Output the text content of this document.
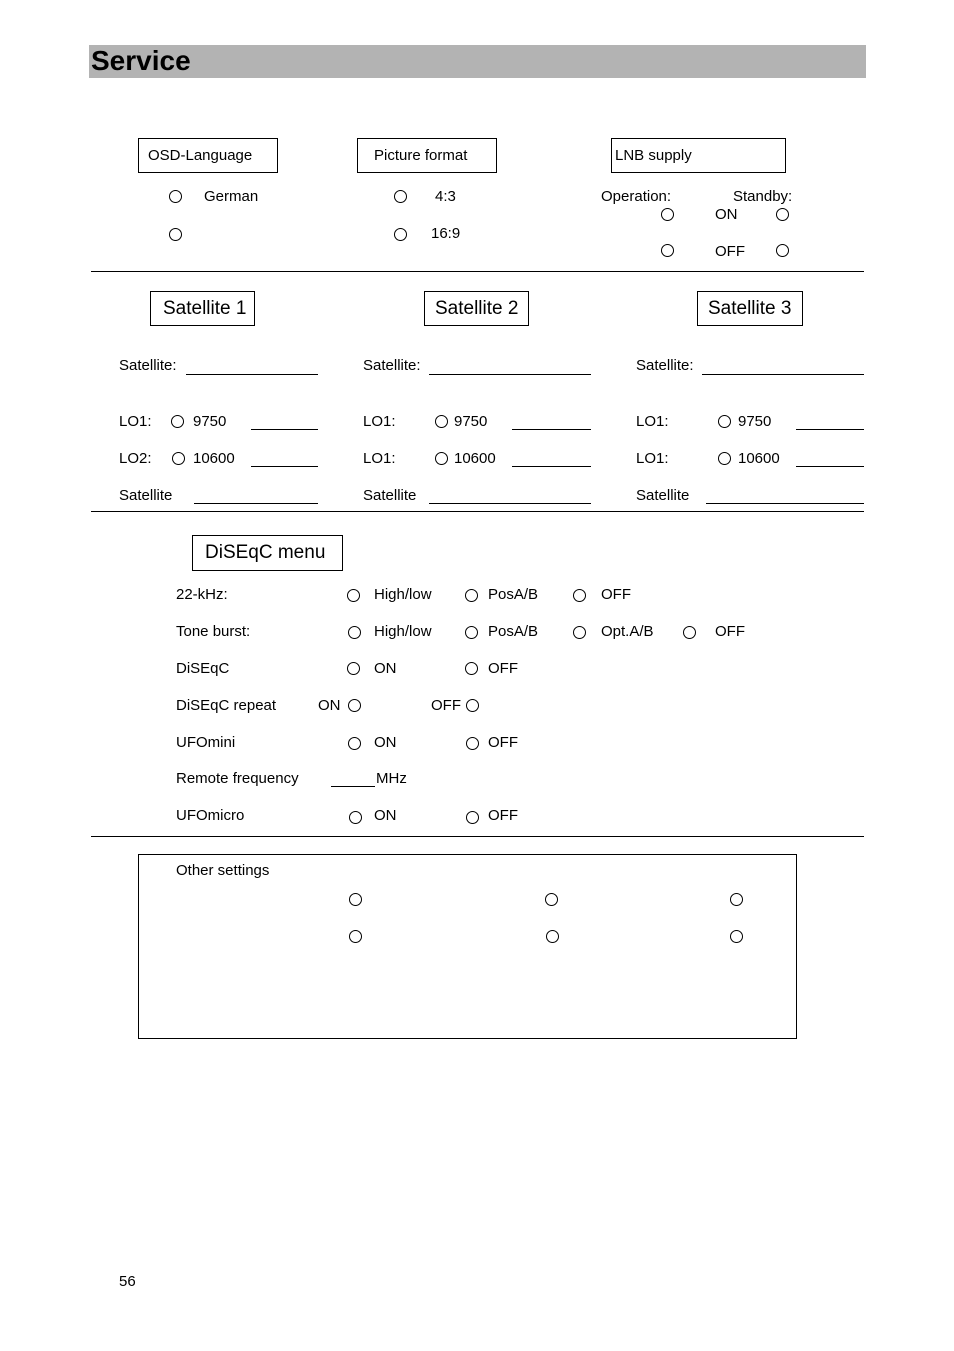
Service
OSD-Language
German
Picture format
4:3
16:9
LNB supply
Operation:	Standby:
ON
OFF
Satellite 1
Satellite:
LO1:	9750
LO2:	10600
Satellite
Satellite 2
Satellite:
LO1:	9750
LO1:	10600
Satellite
Satellite 3
Satellite:
LO1:	9750
LO1:	10600
Satellite
DiSEqC menu
22-kHz:	High/low	PosA/B	OFF
Tone burst:	High/low	PosA/B	Opt.A/B	OFF
DiSEqC	ON	OFF
DiSEqC repeat	ON	OFF
UFOmini	ON	OFF
Remote frequency	MHz
UFOmicro	ON	OFF
Other settings
56
